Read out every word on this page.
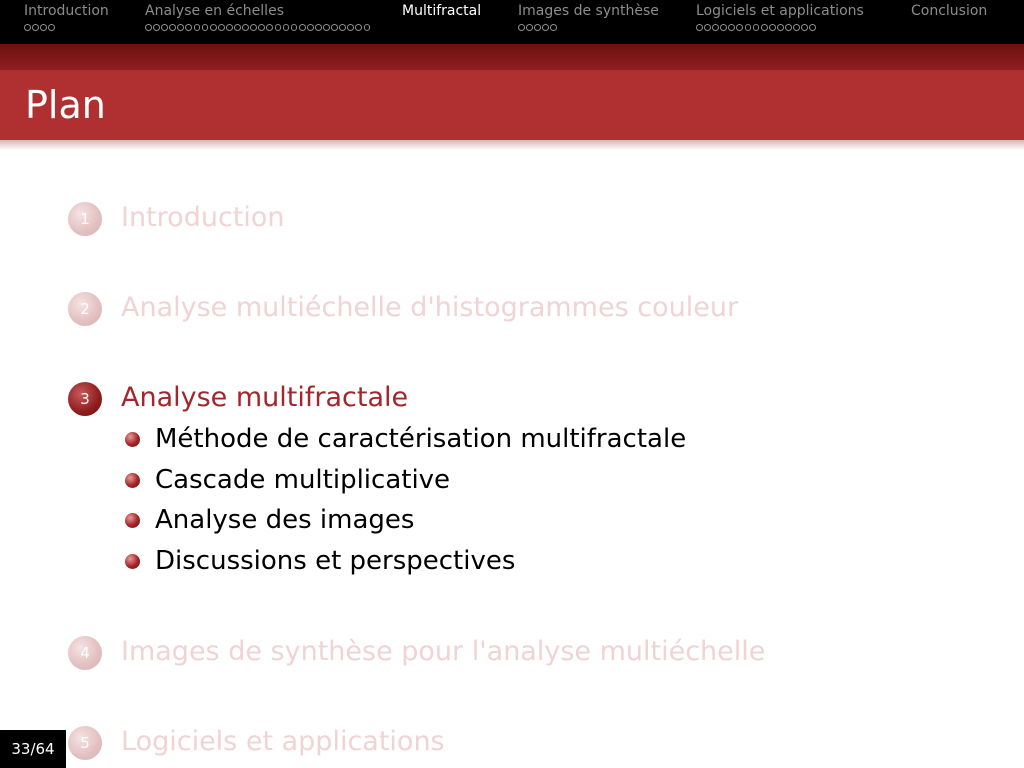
Introduction	Analyse en échelles	Multifractal	Images de synthèse	Logiciels et applications	Conclusion
Plan
1	Introduction
2	Analyse multiéchelle d'histogrammes couleur
3	Analyse multifractale
Méthode de caractérisation multifractale
Cascade multiplicative
Analyse des images
Discussions et perspectives
4	Images de synthèse pour l'analyse multiéchelle
5	Logiciels et applications
33/64
